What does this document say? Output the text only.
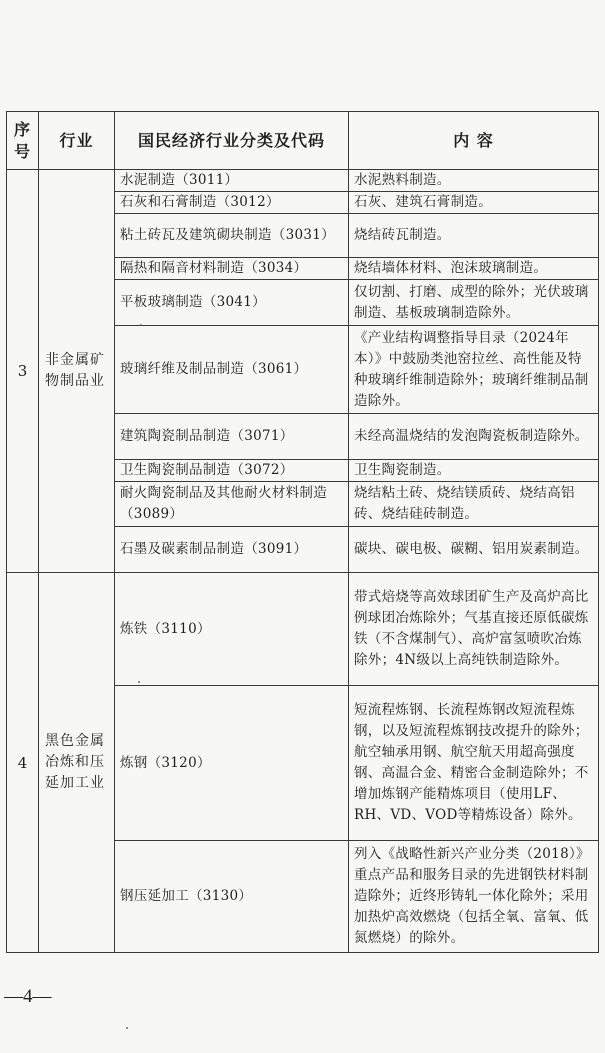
序号	行业	国民经济行业分类及代码	内 容
3	非金属矿物制品业	水泥制造（3011）	水泥熟料制造。
		石灰和石膏制造（3012）	石灰、建筑石膏制造。
		粘土砖瓦及建筑砌块制造（3031）	烧结砖瓦制造。
		隔热和隔音材料制造（3034）	烧结墙体材料、泡沫玻璃制造。
		平板玻璃制造（3041）	仅切割、打磨、成型的除外；光伏玻璃制造、基板玻璃制造除外。
		玻璃纤维及制品制造（3061）	《产业结构调整指导目录（2024年本）》中鼓励类池窑拉丝、高性能及特种玻璃纤维制造除外；玻璃纤维制品制造除外。
		建筑陶瓷制品制造（3071）	未经高温烧结的发泡陶瓷板制造除外。
		卫生陶瓷制品制造（3072）	卫生陶瓷制造。
		耐火陶瓷制品及其他耐火材料制造（3089）	烧结粘土砖、烧结镁质砖、烧结高铝砖、烧结硅砖制造。
		石墨及碳素制品制造（3091）	碳块、碳电极、碳糊、铝用炭素制造。
4	黑色金属冶炼和压延加工业	炼铁（3110）	带式焙烧等高效球团矿生产及高炉高比例球团冶炼除外；气基直接还原低碳炼铁（不含煤制气）、高炉富氢喷吹冶炼除外；4N级以上高纯铁制造除外。
		炼钢（3120）	短流程炼钢、长流程炼钢改短流程炼钢，以及短流程炼钢技改提升的除外；航空轴承用钢、航空航天用超高强度钢、高温合金、精密合金制造除外；不增加炼钢产能精炼项目（使用LF、RH、VD、VOD等精炼设备）除外。
		钢压延加工（3130）	列入《战略性新兴产业分类（2018）》重点产品和服务目录的先进钢铁材料制造除外；近终形铸轧一体化除外；采用加热炉高效燃烧（包括全氧、富氧、低氮燃烧）的除外。
—4—
